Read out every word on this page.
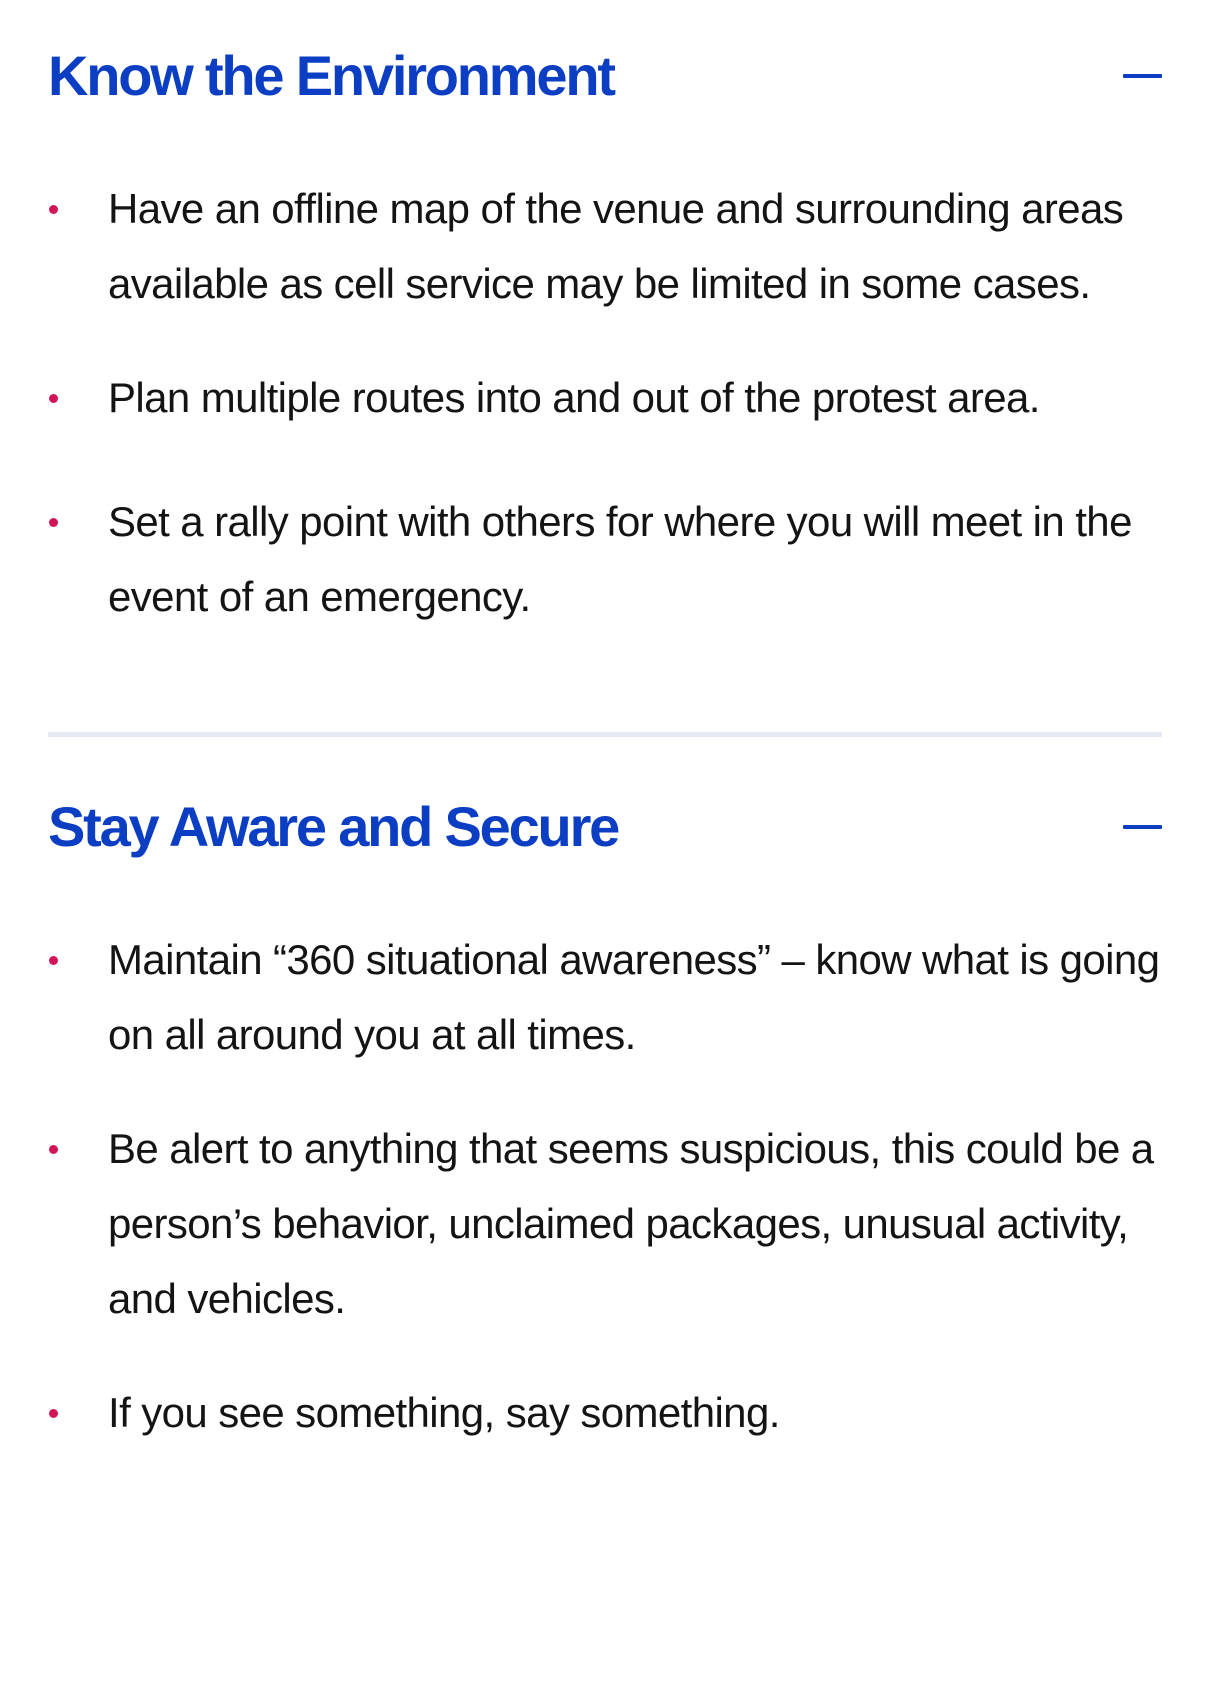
Know the Environment
Have an offline map of the venue and surrounding areas available as cell service may be limited in some cases.
Plan multiple routes into and out of the protest area.
Set a rally point with others for where you will meet in the event of an emergency.
Stay Aware and Secure
Maintain “360 situational awareness” – know what is going on all around you at all times.
Be alert to anything that seems suspicious, this could be a person’s behavior, unclaimed packages, unusual activity, and vehicles.
If you see something, say something.
